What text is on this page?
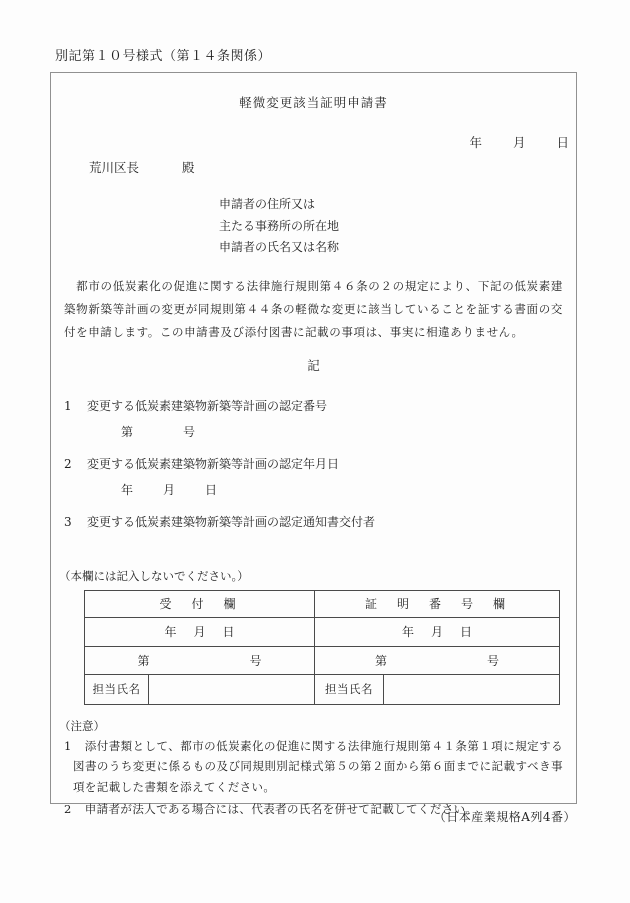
別記第１０号様式（第１４条関係）
軽微変更該当証明申請書
年 月 日
荒川区長	殿
申請者の住所又は
主たる事務所の所在地
申請者の氏名又は名称

　都市の低炭素化の促進に関する法律施行規則第４６条の２の規定により、下記の低炭素建築物新築等計画の変更が同規則第４４条の軽微な変更に該当していることを証する書面の交付を申請します。この申請書及び添付図書に記載の事項は、事実に相違ありません。

記
1 変更する低炭素建築物新築等計画の認定番号
第	号
2 変更する低炭素建築物新築等計画の認定年月日
年	月	日
3 変更する低炭素建築物新築等計画の認定通知書交付者
（本欄には記入しないでください。）
受　付　欄		証　明　番　号　欄	
年 月 日		年 月 日	
第 号		第 号	
担当氏名		担当氏名	
（注意）
1 添付書類として、都市の低炭素化の促進に関する法律施行規則第４１条第１項に規定する図書のうち変更に係るもの及び同規則別記様式第５の第２面から第６面までに記載すべき事項を記載した書類を添えてください。
2 申請者が法人である場合には、代表者の氏名を併せて記載してください。
（日本産業規格A列4番）
